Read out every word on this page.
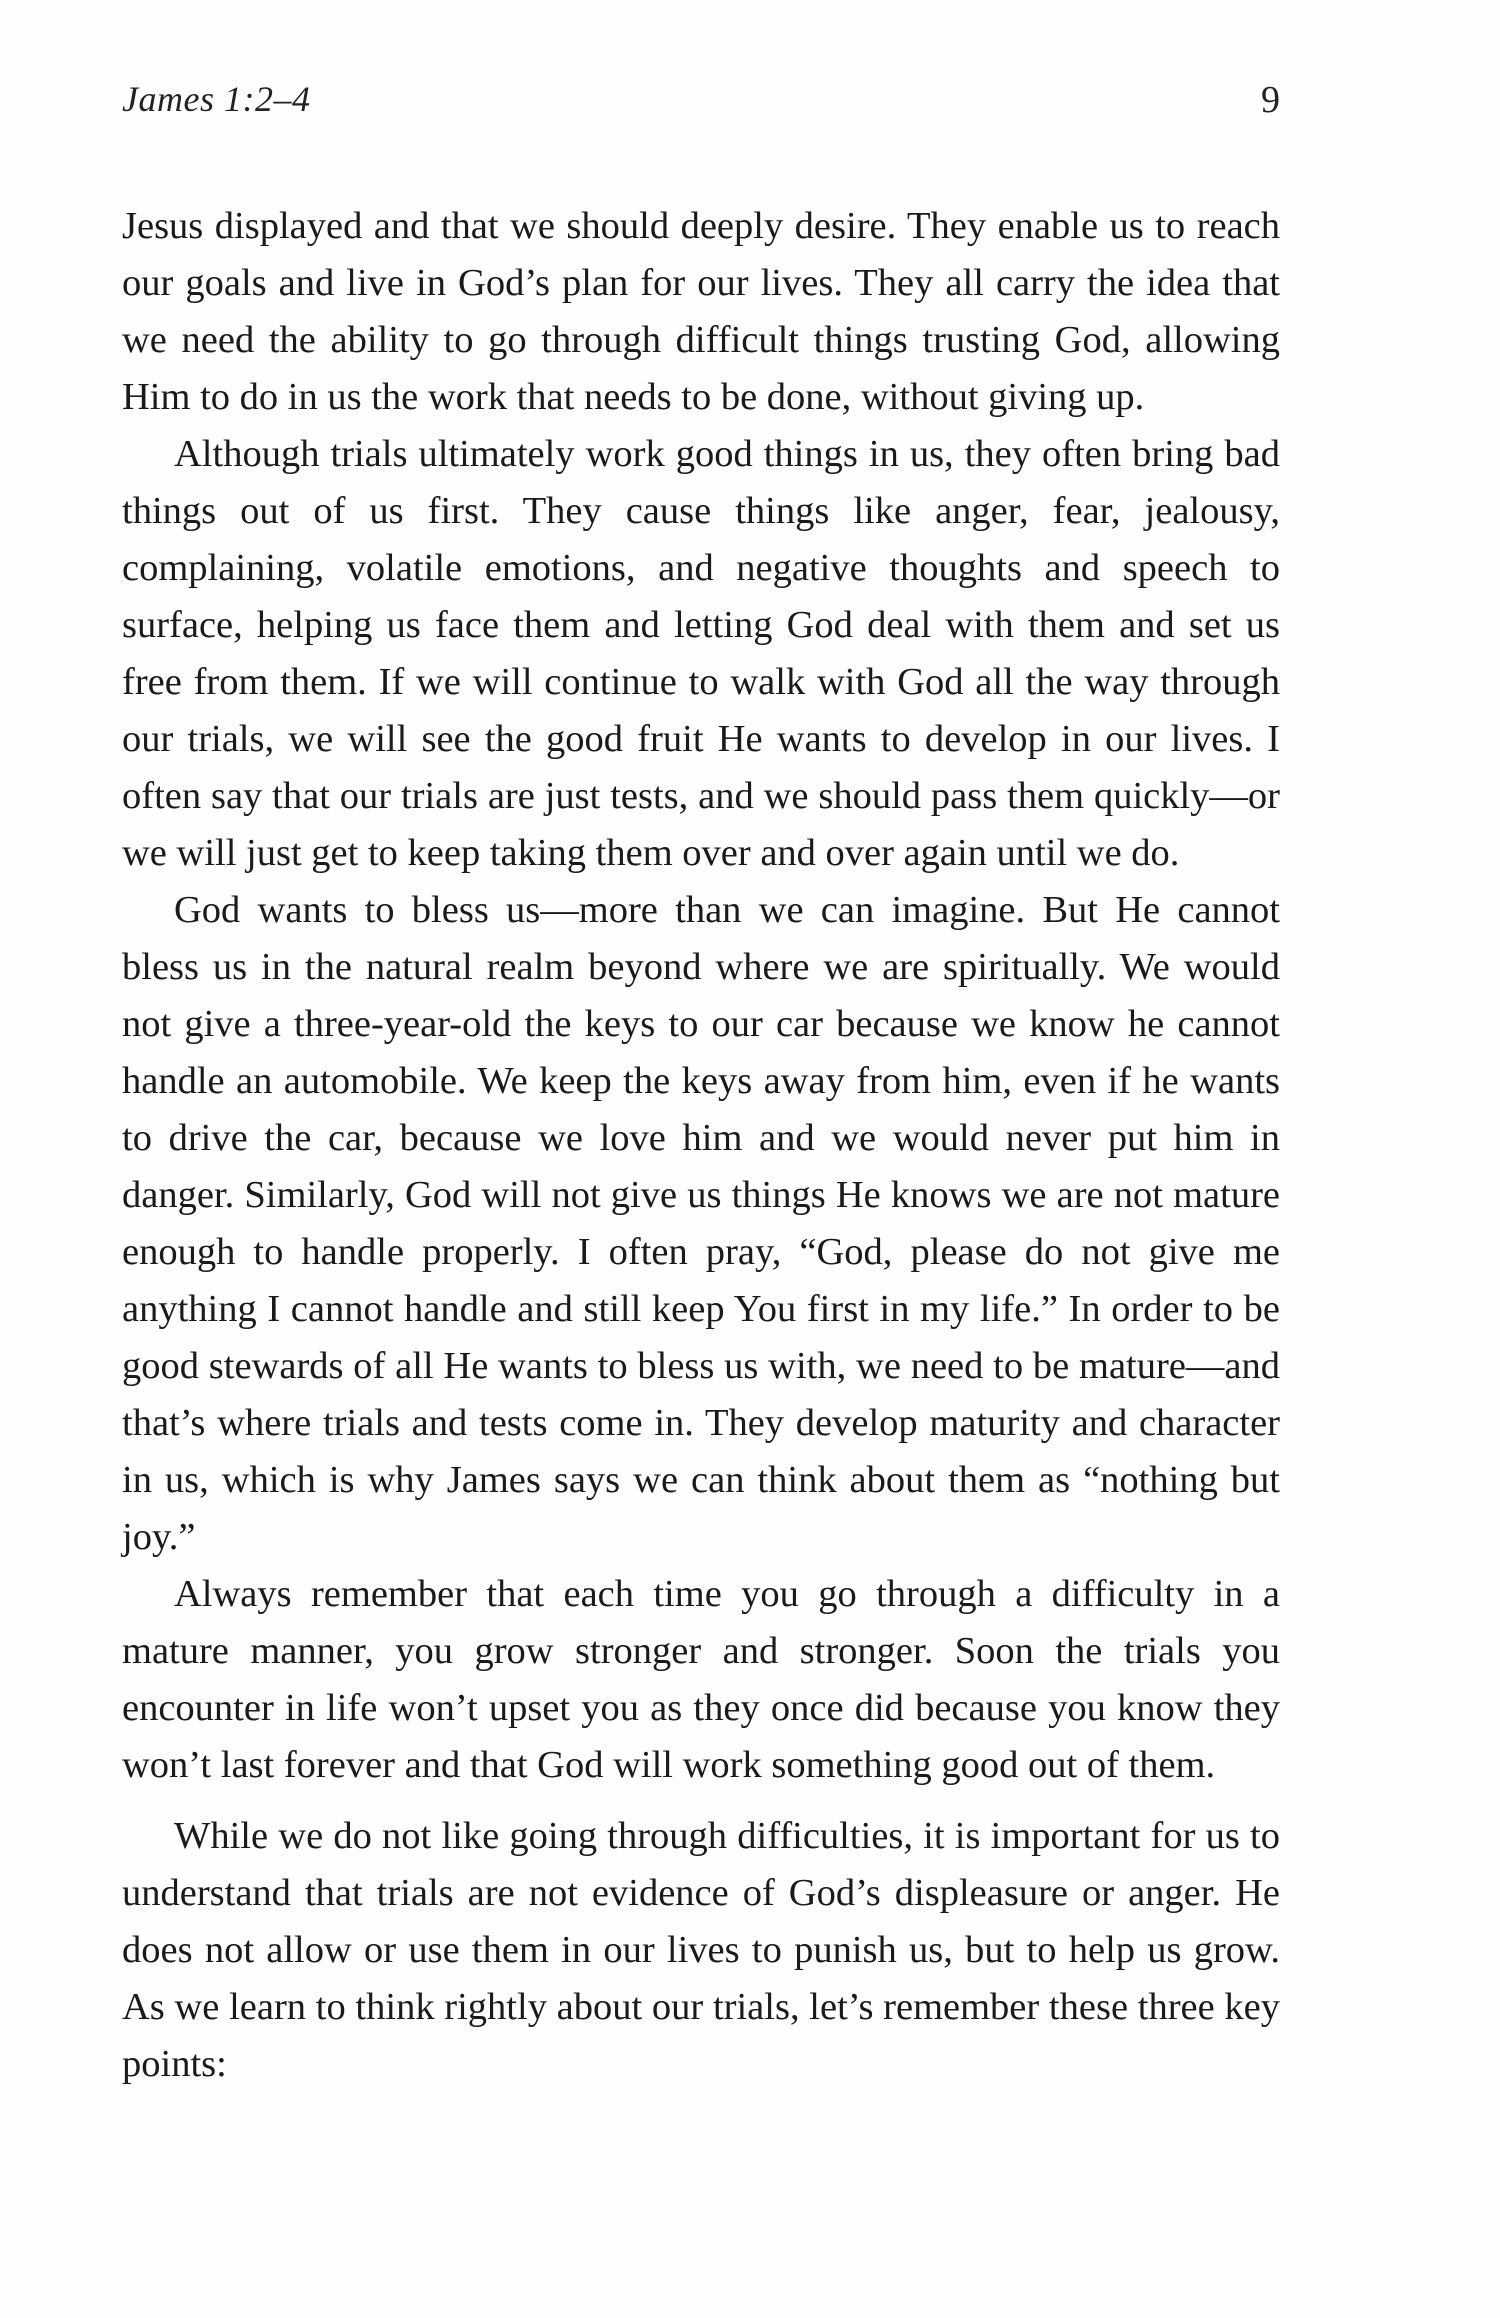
James 1:2–4	9

Jesus displayed and that we should deeply desire. They enable us to reach our goals and live in God’s plan for our lives. They all carry the idea that we need the ability to go through difficult things trusting God, allowing Him to do in us the work that needs to be done, without giving up.

Although trials ultimately work good things in us, they often bring bad things out of us first. They cause things like anger, fear, jealousy, complaining, volatile emotions, and negative thoughts and speech to surface, helping us face them and letting God deal with them and set us free from them. If we will continue to walk with God all the way through our trials, we will see the good fruit He wants to develop in our lives. I often say that our trials are just tests, and we should pass them quickly—or we will just get to keep taking them over and over again until we do.

God wants to bless us—more than we can imagine. But He cannot bless us in the natural realm beyond where we are spiritually. We would not give a three-year-old the keys to our car because we know he cannot handle an automobile. We keep the keys away from him, even if he wants to drive the car, because we love him and we would never put him in danger. Similarly, God will not give us things He knows we are not mature enough to handle properly. I often pray, “God, please do not give me anything I cannot handle and still keep You first in my life.” In order to be good stewards of all He wants to bless us with, we need to be mature—and that’s where trials and tests come in. They develop maturity and character in us, which is why James says we can think about them as “nothing but joy.”

Always remember that each time you go through a difficulty in a mature manner, you grow stronger and stronger. Soon the trials you encounter in life won’t upset you as they once did because you know they won’t last forever and that God will work something good out of them.

While we do not like going through difficulties, it is important for us to understand that trials are not evidence of God’s displeasure or anger. He does not allow or use them in our lives to punish us, but to help us grow. As we learn to think rightly about our trials, let’s remember these three key points:
